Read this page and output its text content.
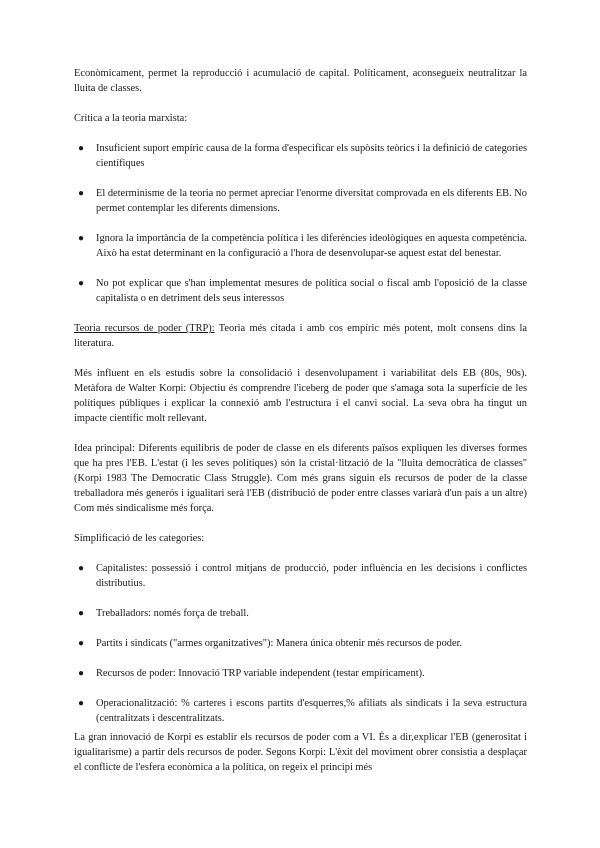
Econòmicament, permet la reproducció i acumulació de capital. Políticament, aconsegueix neutralitzar la lluita de classes.

Crítica a la teoria marxista:

● Insuficient suport empíric causa de la forma d'especificar els supòsits teòrics i la definició de categories científiques
● El determinisme de la teoria no permet apreciar l'enorme diversitat comprovada en els diferents EB. No permet contemplar les diferents dimensions.
● Ignora la importància de la competència política i les diferències ideològiques en aquesta competència. Això ha estat determinant en la configuració a l'hora de desenvolupar-se aquest estat del benestar.
● No pot explicar que s'han implementat mesures de política social o fiscal amb l'oposició de la classe capitalista o en detriment dels seus interessos

Teoria recursos de poder (TRP): Teoria més citada i amb cos empíric més potent, molt consens dins la literatura.

Més influent en els estudis sobre la consolidació i desenvolupament i variabilitat dels EB (80s, 90s). Metàfora de Walter Korpi: Objectiu és comprendre l'iceberg de poder que s'amaga sota la superfície de les polítiques públiques i explicar la connexió amb l'estructura i el canvi social. La seva obra ha tingut un impacte científic molt rellevant.

Idea principal: Diferents equilibris de poder de classe en els diferents països expliquen les diverses formes que ha pres l'EB. L'estat (i les seves polítiques) són la cristal·lització de la "lluita democràtica de classes" (Korpi 1983 The Democratic Class Struggle). Com més grans siguin els recursos de poder de la classe treballadora més generós i igualitari serà l'EB (distribució de poder entre classes variarà d'un país a un altre) Com més sindicalisme més força.

Simplificació de les categories:

● Capitalistes: possessió i control mitjans de producció, poder influència en les decisions i conflictes distributius.
● Treballadors: només força de treball.
● Partits i sindicats ("armes organitzatives"): Manera única obtenir més recursos de poder.
● Recursos de poder: Innovació TRP variable independent (testar empíricament).
● Operacionalització: % carteres i escons partits d'esquerres,% afiliats als sindicats i la seva estructura (centralitzats i descentralitzats.

La gran innovació de Korpi es establir els recursos de poder com a VI. És a dir,explicar l'EB (generositat i igualitarisme) a partir dels recursos de poder. Segons Korpi: L'èxit del moviment obrer consistia a desplaçar el conflicte de l'esfera econòmica a la política, on regeix el principi més
